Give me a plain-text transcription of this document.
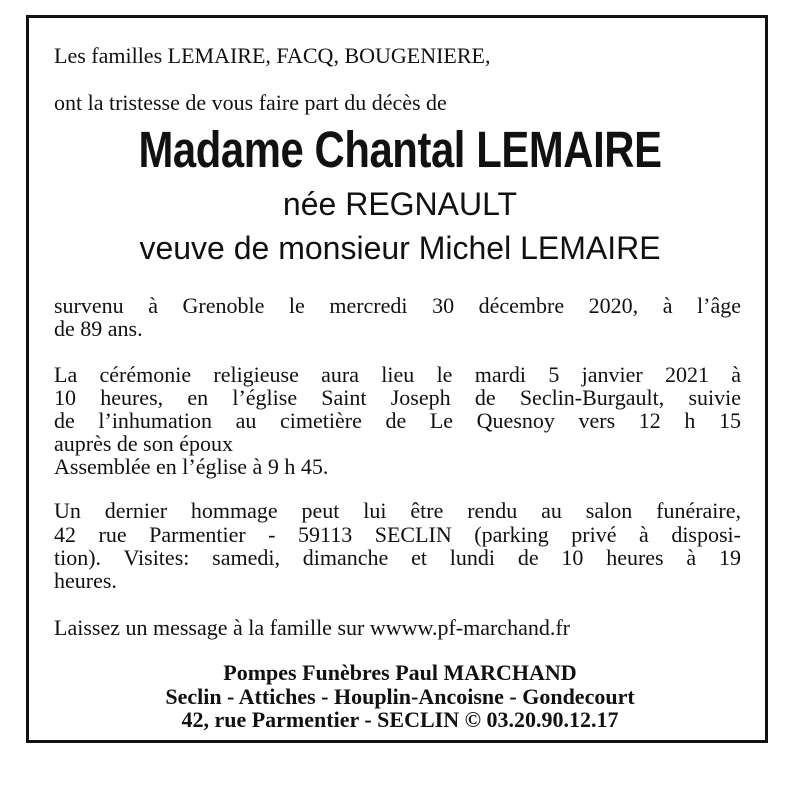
Les familles LEMAIRE, FACQ, BOUGENIERE,
ont la tristesse de vous faire part du décès de
Madame Chantal LEMAIRE
née REGNAULT
veuve de monsieur Michel LEMAIRE
survenu à Grenoble le mercredi 30 décembre 2020, à l’âge
de 89 ans.
La cérémonie religieuse aura lieu le mardi 5 janvier 2021 à
10 heures, en l’église Saint Joseph de Seclin-Burgault, suivie
de l’inhumation au cimetière de Le Quesnoy vers 12 h 15
auprès de son époux
Assemblée en l’église à 9 h 45.
Un dernier hommage peut lui être rendu au salon funéraire,
42 rue Parmentier - 59113 SECLIN (parking privé à disposi-
tion). Visites: samedi, dimanche et lundi de 10 heures à 19
heures.
Laissez un message à la famille sur wwww.pf-marchand.fr
Pompes Funèbres Paul MARCHAND
Seclin - Attiches - Houplin-Ancoisne - Gondecourt
42, rue Parmentier - SECLIN © 03.20.90.12.17
